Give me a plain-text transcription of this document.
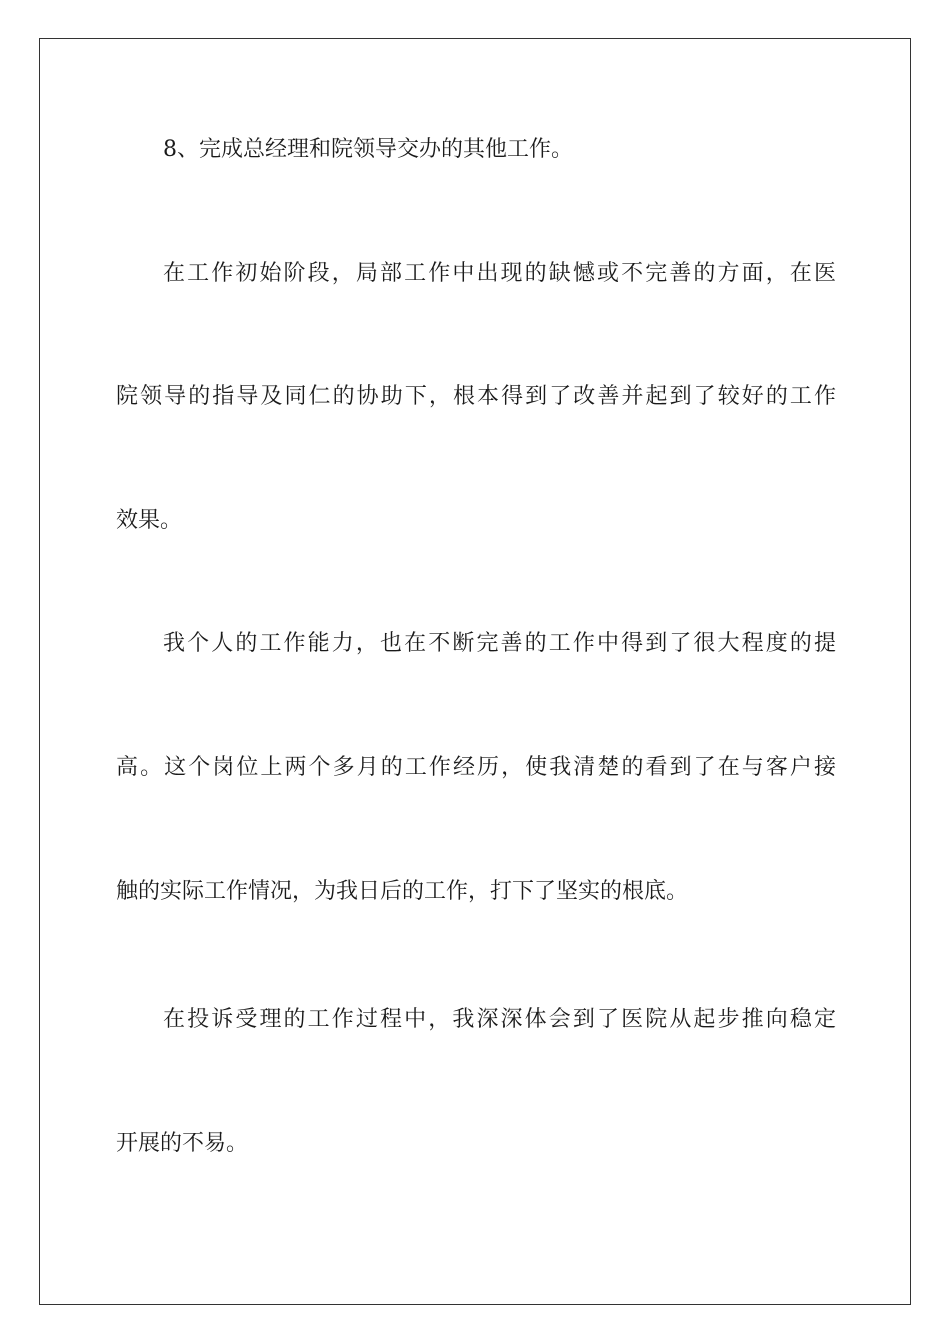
8、完成总经理和院领导交办的其他工作。
在工作初始阶段，局部工作中出现的缺憾或不完善的方面，在医
院领导的指导及同仁的协助下，根本得到了改善并起到了较好的工作
效果。
我个人的工作能力，也在不断完善的工作中得到了很大程度的提
高。这个岗位上两个多月的工作经历，使我清楚的看到了在与客户接
触的实际工作情况，为我日后的工作，打下了坚实的根底。
在投诉受理的工作过程中，我深深体会到了医院从起步推向稳定
开展的不易。
